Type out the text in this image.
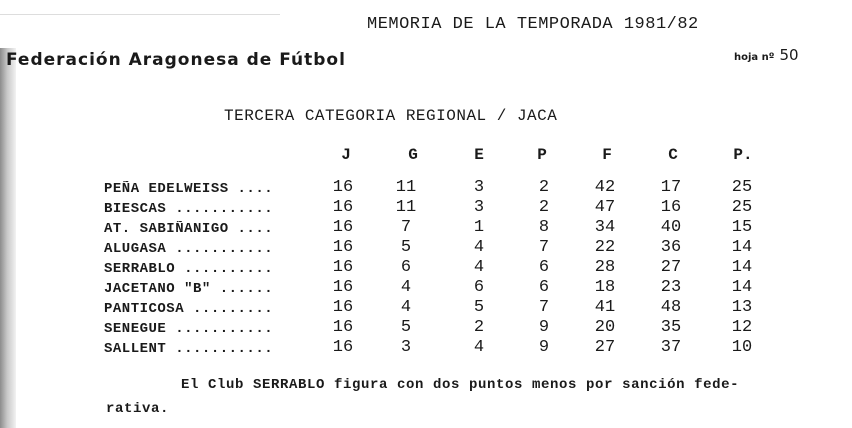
MEMORIA DE LA TEMPORADA 1981/82
Federación Aragonesa de Fútbol	hoja nº 50
TERCERA CATEGORIA REGIONAL / JACA
J	G	E	P	F	C	P.
PEÑA EDELWEISS ....	16	11	3	2	42	17	25
BIESCAS ...........	16	11	3	2	47	16	25
AT. SABIÑANIGO ....	16	7	1	8	34	40	15
ALUGASA ...........	16	5	4	7	22	36	14
SERRABLO ..........	16	6	4	6	28	27	14
JACETANO "B" ......	16	4	6	6	18	23	14
PANTICOSA .........	16	4	5	7	41	48	13
SENEGUE ...........	16	5	2	9	20	35	12
SALLENT ...........	16	3	4	9	27	37	10
El Club SERRABLO figura con dos puntos menos por sanción fede-
rativa.
